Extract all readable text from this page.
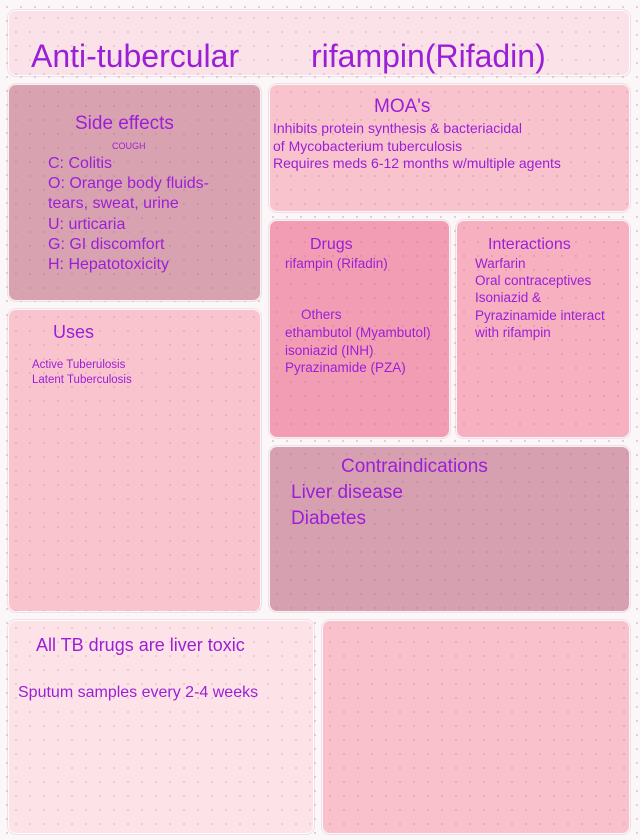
Anti-tubercular rifampin(Rifadin)
Side effects
COUGH
C: Colitis
O: Orange body fluids-
tears, sweat, urine
U: urticaria
G: GI discomfort
H: Hepatotoxicity
MOA's
Inhibits protein synthesis & bacteriacidal
of Mycobacterium tuberculosis
Requires meds 6-12 months w/multiple agents
Drugs
rifampin (Rifadin)
Others
ethambutol (Myambutol)
isoniazid (INH)
Pyrazinamide (PZA)
Interactions
Warfarin
Oral contraceptives
Isoniazid &
Pyrazinamide interact
with rifampin
Uses
Active Tuberulosis
Latent Tuberculosis
Contraindications
Liver disease
Diabetes
All TB drugs are liver toxic
Sputum samples every 2-4 weeks
